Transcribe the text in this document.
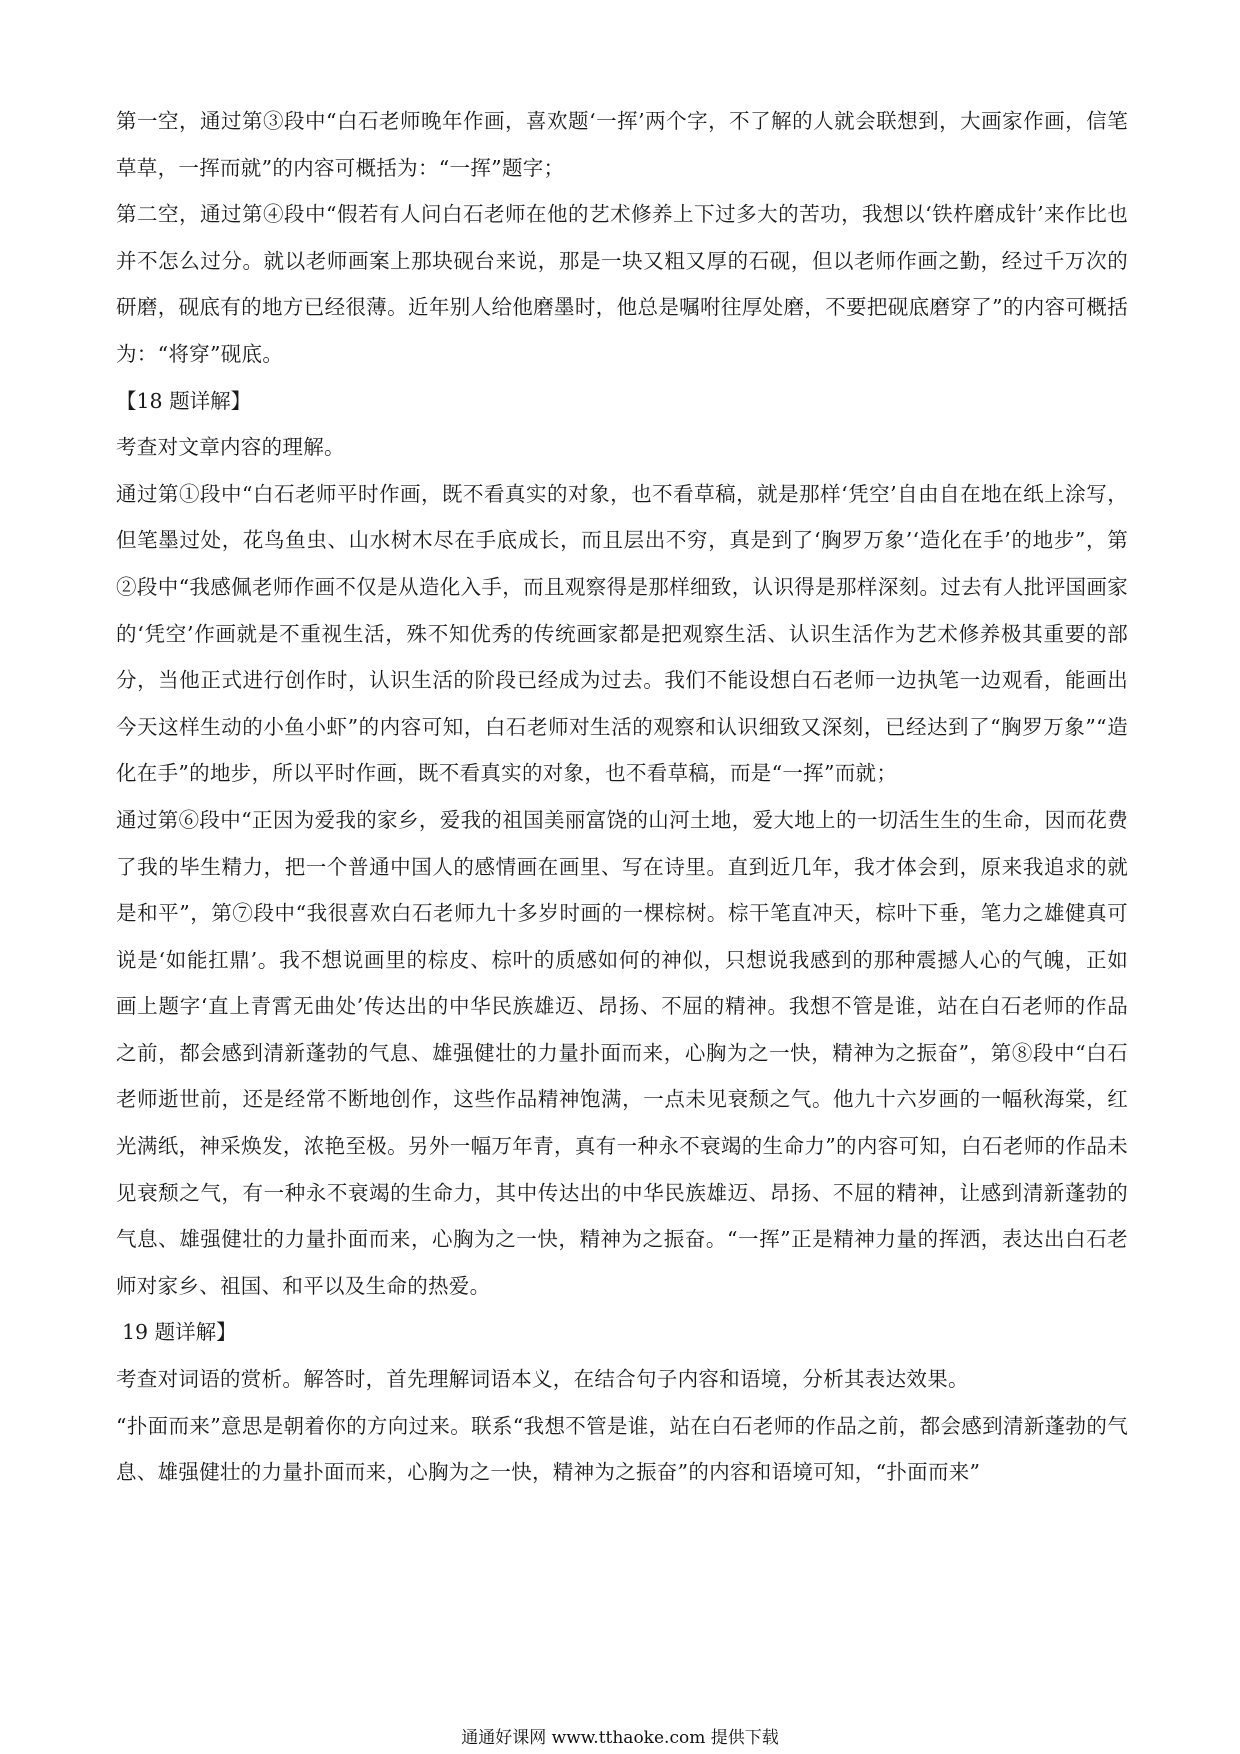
第一空，通过第③段中“白石老师晚年作画，喜欢题‘一挥’两个字，不了解的人就会联想到，大画家作画，信笔草草，一挥而就”的内容可概括为：“一挥”题字；

第二空，通过第④段中“假若有人问白石老师在他的艺术修养上下过多大的苦功，我想以‘铁杵磨成针’来作比也并不怎么过分。就以老师画案上那块砚台来说，那是一块又粗又厚的石砚，但以老师作画之勤，经过千万次的研磨，砚底有的地方已经很薄。近年别人给他磨墨时，他总是嘱咐往厚处磨，不要把砚底磨穿了”的内容可概括为：“将穿”砚底。

【18 题详解】

考查对文章内容的理解。

通过第①段中“白石老师平时作画，既不看真实的对象，也不看草稿，就是那样‘凭空’自由自在地在纸上涂写，但笔墨过处，花鸟鱼虫、山水树木尽在手底成长，而且层出不穷，真是到了‘胸罗万象’‘造化在手’的地步”，第②段中“我感佩老师作画不仅是从造化入手，而且观察得是那样细致，认识得是那样深刻。过去有人批评国画家的‘凭空’作画就是不重视生活，殊不知优秀的传统画家都是把观察生活、认识生活作为艺术修养极其重要的部分，当他正式进行创作时，认识生活的阶段已经成为过去。我们不能设想白石老师一边执笔一边观看，能画出今天这样生动的小鱼小虾”的内容可知，白石老师对生活的观察和认识细致又深刻，已经达到了“胸罗万象”“造化在手”的地步，所以平时作画，既不看真实的对象，也不看草稿，而是“一挥”而就；

通过第⑥段中“正因为爱我的家乡，爱我的祖国美丽富饶的山河土地，爱大地上的一切活生生的生命，因而花费了我的毕生精力，把一个普通中国人的感情画在画里、写在诗里。直到近几年，我才体会到，原来我追求的就是和平”，第⑦段中“我很喜欢白石老师九十多岁时画的一棵棕树。棕干笔直冲天，棕叶下垂，笔力之雄健真可说是‘如能扛鼎’。我不想说画里的棕皮、棕叶的质感如何的神似，只想说我感到的那种震撼人心的气魄，正如画上题字‘直上青霄无曲处’传达出的中华民族雄迈、昂扬、不屈的精神。我想不管是谁，站在白石老师的作品之前，都会感到清新蓬勃的气息、雄强健壮的力量扑面而来，心胸为之一快，精神为之振奋”，第⑧段中“白石老师逝世前，还是经常不断地创作，这些作品精神饱满，一点未见衰颓之气。他九十六岁画的一幅秋海棠，红光满纸，神采焕发，浓艳至极。另外一幅万年青，真有一种永不衰竭的生命力”的内容可知，白石老师的作品未见衰颓之气，有一种永不衰竭的生命力，其中传达出的中华民族雄迈、昂扬、不屈的精神，让感到清新蓬勃的气息、雄强健壮的力量扑面而来，心胸为之一快，精神为之振奋。“一挥”正是精神力量的挥洒，表达出白石老师对家乡、祖国、和平以及生命的热爱。

19 题详解】

考查对词语的赏析。解答时，首先理解词语本义，在结合句子内容和语境，分析其表达效果。

“扑面而来”意思是朝着你的方向过来。联系“我想不管是谁，站在白石老师的作品之前，都会感到清新蓬勃的气息、雄强健壮的力量扑面而来，心胸为之一快，精神为之振奋”的内容和语境可知，“扑面而来”

通通好课网 www.tthaoke.com 提供下载
